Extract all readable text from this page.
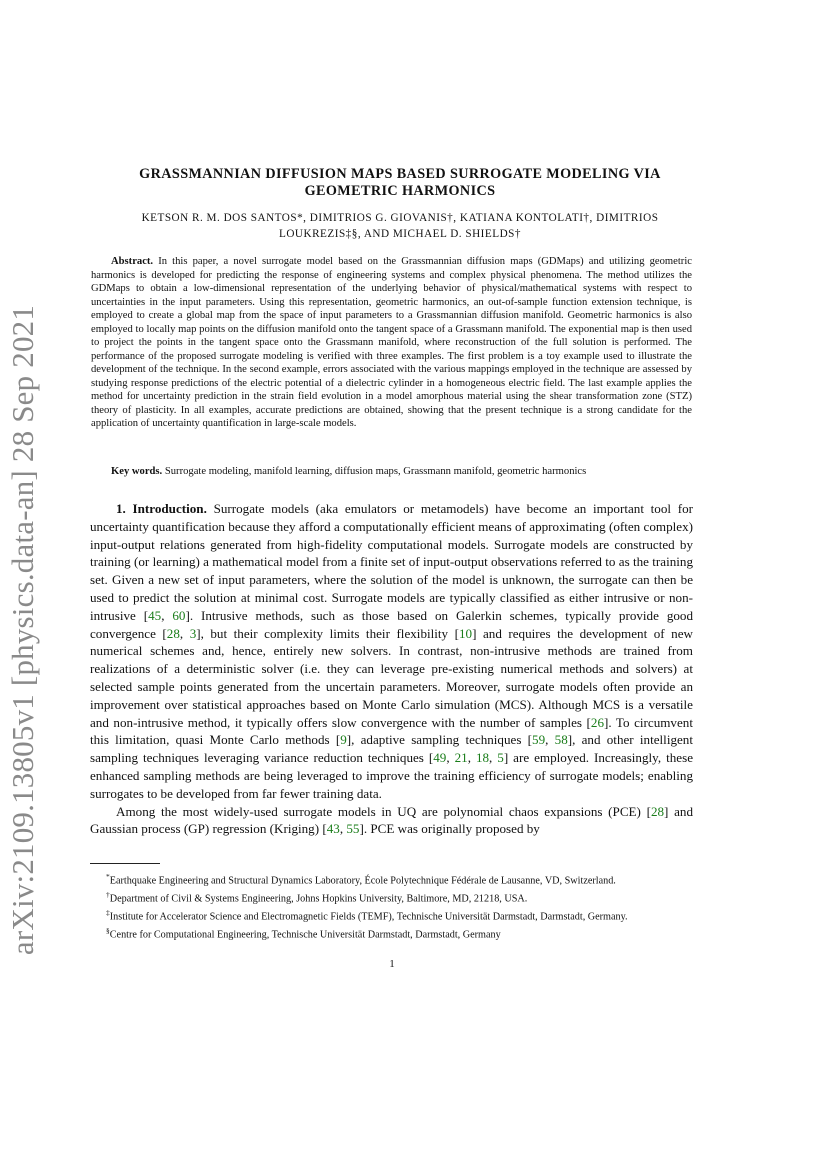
arXiv:2109.13805v1 [physics.data-an] 28 Sep 2021
GRASSMANNIAN DIFFUSION MAPS BASED SURROGATE MODELING VIA
GEOMETRIC HARMONICS
KETSON R. M. DOS SANTOS*, DIMITRIOS G. GIOVANIS†, KATIANA KONTOLATI†, DIMITRIOS
LOUKREZIS‡§, AND MICHAEL D. SHIELDS†

Abstract. In this paper, a novel surrogate model based on the Grassmannian diffusion maps (GDMaps) and utilizing geometric harmonics is developed for predicting the response of engineering systems and complex physical phenomena. The method utilizes the GDMaps to obtain a low-dimensional representation of the underlying behavior of physical/mathematical systems with respect to uncertainties in the input parameters. Using this representation, geometric harmonics, an out-of-sample function extension technique, is employed to create a global map from the space of input parameters to a Grassmannian diffusion manifold. Geometric harmonics is also employed to locally map points on the diffusion manifold onto the tangent space of a Grassmann manifold. The exponential map is then used to project the points in the tangent space onto the Grassmann manifold, where reconstruction of the full solution is performed. The performance of the proposed surrogate modeling is verified with three examples. The first problem is a toy example used to illustrate the development of the technique. In the second example, errors associated with the various mappings employed in the technique are assessed by studying response predictions of the electric potential of a dielectric cylinder in a homogeneous electric field. The last example applies the method for uncertainty prediction in the strain field evolution in a model amorphous material using the shear transformation zone (STZ) theory of plasticity. In all examples, accurate predictions are obtained, showing that the present technique is a strong candidate for the application of uncertainty quantification in large-scale models.

Key words. Surrogate modeling, manifold learning, diffusion maps, Grassmann manifold, geometric harmonics

1. Introduction. Surrogate models (aka emulators or metamodels) have become an important tool for uncertainty quantification because they afford a computationally efficient means of approximating (often complex) input-output relations generated from high-fidelity computational models. Surrogate models are constructed by training (or learning) a mathematical model from a finite set of input-output observations referred to as the training set. Given a new set of input parameters, where the solution of the model is unknown, the surrogate can then be used to predict the solution at minimal cost. Surrogate models are typically classified as either intrusive or non-intrusive [45, 60]. Intrusive methods, such as those based on Galerkin schemes, typically provide good convergence [28, 3], but their complexity limits their flexibility [10] and requires the development of new numerical schemes and, hence, entirely new solvers. In contrast, non-intrusive methods are trained from realizations of a deterministic solver (i.e. they can leverage pre-existing numerical methods and solvers) at selected sample points generated from the uncertain parameters. Moreover, surrogate models often provide an improvement over statistical approaches based on Monte Carlo simulation (MCS). Although MCS is a versatile and non-intrusive method, it typically offers slow convergence with the number of samples [26]. To circumvent this limitation, quasi Monte Carlo methods [9], adaptive sampling techniques [59, 58], and other intelligent sampling techniques leveraging variance reduction techniques [49, 21, 18, 5] are employed. Increasingly, these enhanced sampling methods are being leveraged to improve the training efficiency of surrogate models; enabling surrogates to be developed from far fewer training data.

Among the most widely-used surrogate models in UQ are polynomial chaos expansions (PCE) [28] and Gaussian process (GP) regression (Kriging) [43, 55]. PCE was originally proposed by

*Earthquake Engineering and Structural Dynamics Laboratory, École Polytechnique Fédérale de Lausanne, VD, Switzerland.

†Department of Civil & Systems Engineering, Johns Hopkins University, Baltimore, MD, 21218, USA.

‡Institute for Accelerator Science and Electromagnetic Fields (TEMF), Technische Universität Darmstadt, Darmstadt, Germany.

§Centre for Computational Engineering, Technische Universität Darmstadt, Darmstadt, Germany

1
